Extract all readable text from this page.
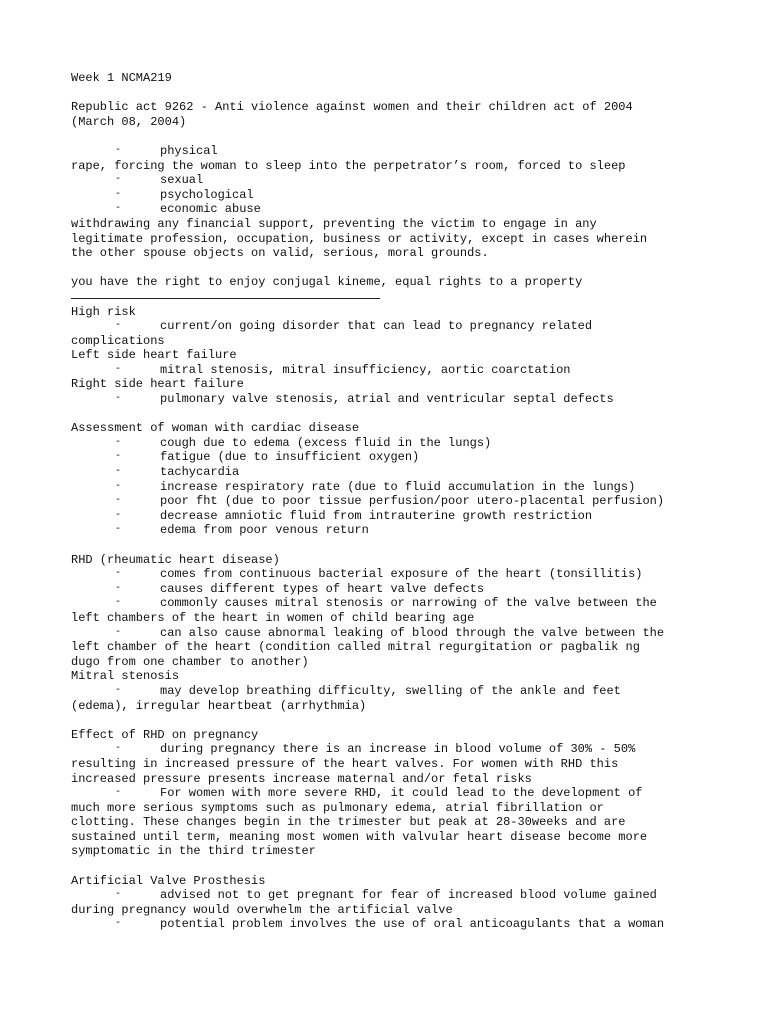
Week 1 NCMA219
Republic act 9262 - Anti violence against women and their children act of 2004
(March 08, 2004)
-	physical
rape, forcing the woman to sleep into the perpetrator’s room, forced to sleep
-	sexual
-	psychological
-	economic abuse
withdrawing any financial support, preventing the victim to engage in any
legitimate profession, occupation, business or activity, except in cases wherein
the other spouse objects on valid, serious, moral grounds.
you have the right to enjoy conjugal kineme, equal rights to a property
High risk
-	current/on going disorder that can lead to pregnancy related
complications
Left side heart failure
-	mitral stenosis, mitral insufficiency, aortic coarctation
Right side heart failure
-	pulmonary valve stenosis, atrial and ventricular septal defects
Assessment of woman with cardiac disease
-	cough due to edema (excess fluid in the lungs)
-	fatigue (due to insufficient oxygen)
-	tachycardia
-	increase respiratory rate (due to fluid accumulation in the lungs)
-	poor fht (due to poor tissue perfusion/poor utero-placental perfusion)
-	decrease amniotic fluid from intrauterine growth restriction
-	edema from poor venous return
RHD (rheumatic heart disease)
-	comes from continuous bacterial exposure of the heart (tonsillitis)
-	causes different types of heart valve defects
-	commonly causes mitral stenosis or narrowing of the valve between the
left chambers of the heart in women of child bearing age
-	can also cause abnormal leaking of blood through the valve between the
left chamber of the heart (condition called mitral regurgitation or pagbalik ng
dugo from one chamber to another)
Mitral stenosis
-	may develop breathing difficulty, swelling of the ankle and feet
(edema), irregular heartbeat (arrhythmia)
Effect of RHD on pregnancy
-	during pregnancy there is an increase in blood volume of 30% - 50%
resulting in increased pressure of the heart valves. For women with RHD this
increased pressure presents increase maternal and/or fetal risks
-	For women with more severe RHD, it could lead to the development of
much more serious symptoms such as pulmonary edema, atrial fibrillation or
clotting. These changes begin in the trimester but peak at 28-30weeks and are
sustained until term, meaning most women with valvular heart disease become more
symptomatic in the third trimester
Artificial Valve Prosthesis
-	advised not to get pregnant for fear of increased blood volume gained
during pregnancy would overwhelm the artificial valve
-	potential problem involves the use of oral anticoagulants that a woman
